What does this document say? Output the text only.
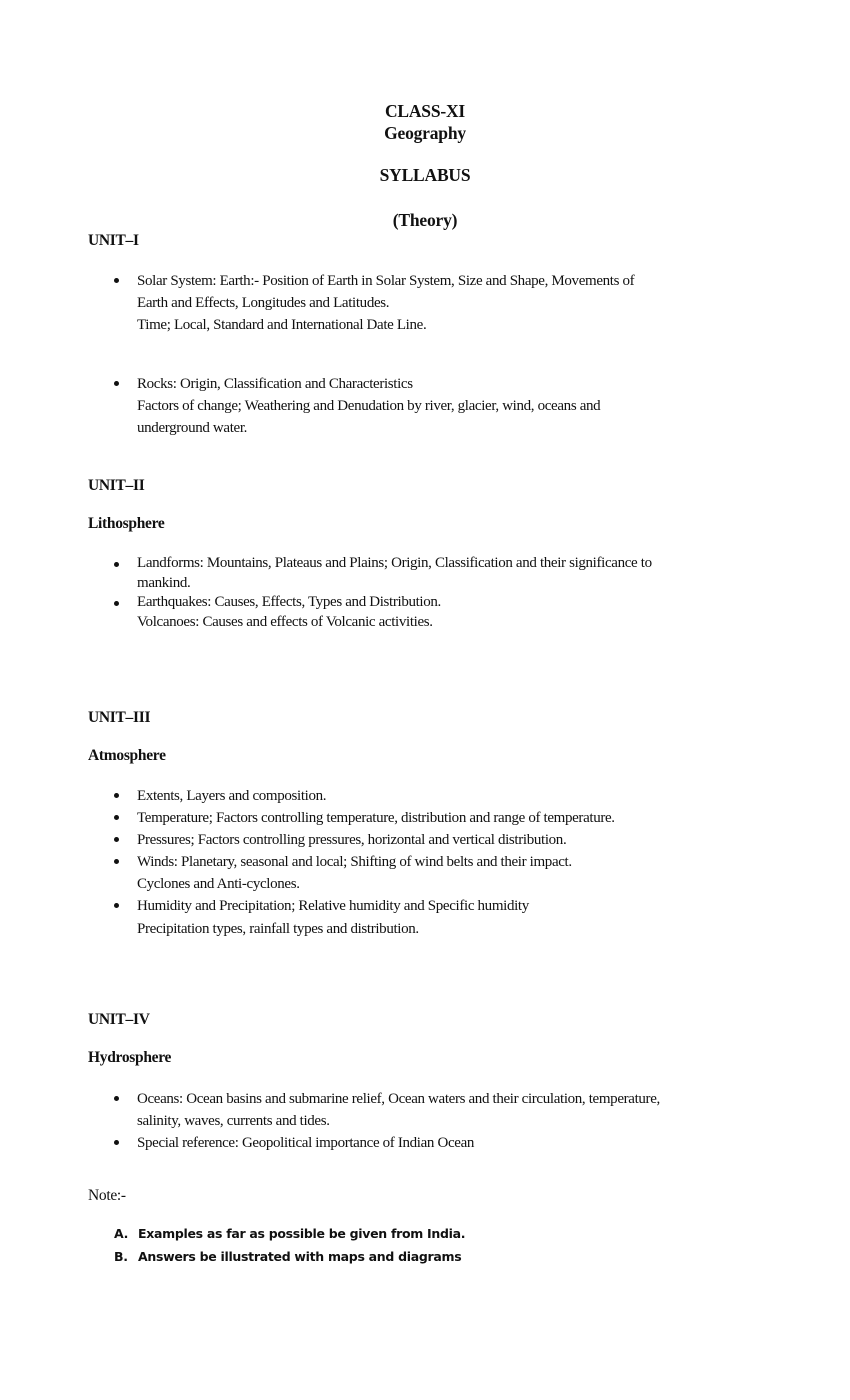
CLASS-XI
Geography
SYLLABUS
(Theory)
UNIT–I
Solar System: Earth:- Position of Earth in Solar System, Size and Shape, Movements of
Earth and Effects, Longitudes and Latitudes.
Time; Local, Standard and International Date Line.
Rocks: Origin, Classification and Characteristics
Factors of change; Weathering and Denudation by river, glacier, wind, oceans and
underground water.
UNIT–II
Lithosphere
Landforms: Mountains, Plateaus and Plains; Origin, Classification and their significance to
mankind.
Earthquakes: Causes, Effects, Types and Distribution.
Volcanoes: Causes and effects of Volcanic activities.
UNIT–III
Atmosphere
Extents, Layers and composition.
Temperature; Factors controlling temperature, distribution and range of temperature.
Pressures; Factors controlling pressures, horizontal and vertical distribution.
Winds: Planetary, seasonal and local; Shifting of wind belts and their impact.
Cyclones and Anti-cyclones.
Humidity and Precipitation; Relative humidity and Specific humidity
Precipitation types, rainfall types and distribution.
UNIT–IV
Hydrosphere
Oceans: Ocean basins and submarine relief, Ocean waters and their circulation, temperature,
salinity, waves, currents and tides.
Special reference: Geopolitical importance of Indian Ocean
Note:-
A. Examples as far as possible be given from India.
B. Answers be illustrated with maps and diagrams
